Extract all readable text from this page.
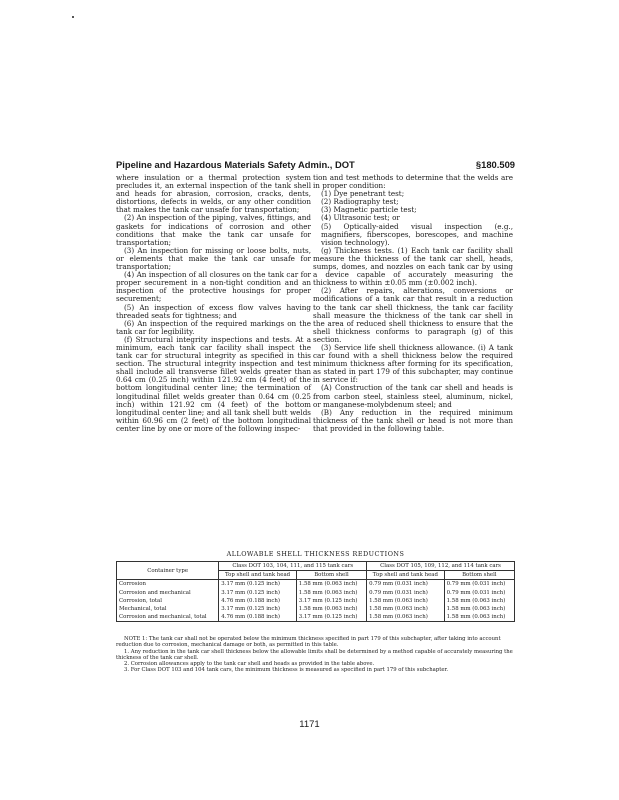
Pipeline and Hazardous Materials Safety Admin., DOT	§180.509

where insulation or a thermal protection system precludes it, an external inspection of the tank shell and heads for abrasion, corrosion, cracks, dents, distortions, defects in welds, or any other condition that makes the tank car unsafe for transportation;

(2) An inspection of the piping, valves, fittings, and gaskets for indications of corrosion and other conditions that make the tank car unsafe for transportation;

(3) An inspection for missing or loose bolts, nuts, or elements that make the tank car unsafe for transportation;

(4) An inspection of all closures on the tank car for proper securement in a non-tight condition and an inspection of the protective housings for proper securement;

(5) An inspection of excess flow valves having threaded seats for tightness; and

(6) An inspection of the required markings on the tank car for legibility.

(f) Structural integrity inspections and tests. At a minimum, each tank car facility shall inspect the tank car for structural integrity as specified in this section. The structural integrity inspection and test shall include all transverse fillet welds greater than 0.64 cm (0.25 inch) within 121.92 cm (4 feet) of the bottom longitudinal center line; the termination of longitudinal fillet welds greater than 0.64 cm (0.25 inch) within 121.92 cm (4 feet) of the bottom longitudinal center line; and all tank shell butt welds within 60.96 cm (2 feet) of the bottom longitudinal center line by one or more of the following inspec-

tion and test methods to determine that the welds are in proper condition:

(1) Dye penetrant test;

(2) Radiography test;

(3) Magnetic particle test;

(4) Ultrasonic test; or

(5) Optically-aided visual inspection (e.g., magnifiers, fiberscopes, borescopes, and machine vision technology).

(g) Thickness tests. (1) Each tank car facility shall measure the thickness of the tank car shell, heads, sumps, domes, and nozzles on each tank car by using a device capable of accurately measuring the thickness to within ±0.05 mm (±0.002 inch).

(2) After repairs, alterations, conversions or modifications of a tank car that result in a reduction to the tank car shell thickness, the tank car facility shall measure the thickness of the tank car shell in the area of reduced shell thickness to ensure that the shell thickness conforms to paragraph (g) of this section.

(3) Service life shell thickness allowance. (i) A tank car found with a shell thickness below the required minimum thickness after forming for its specification, as stated in part 179 of this subchapter, may continue in service if:

(A) Construction of the tank car shell and heads is from carbon steel, stainless steel, aluminum, nickel, or manganese-molybdenum steel; and

(B) Any reduction in the required minimum thickness of the tank shell or head is not more than that provided in the following table.

ALLOWABLE SHELL THICKNESS REDUCTIONS
Container type	Class DOT 103, 104, 111, and 115 tank cars		Class DOT 105, 109, 112, and 114 tank cars	
	Top shell and tank head	Bottom shell	Top shell and tank head	Bottom shell
Corrosion	3.17 mm (0.125 inch)	1.58 mm (0.063 inch)	0.79 mm (0.031 inch)	0.79 mm (0.031 inch)
Corrosion and mechanical	3.17 mm (0.125 inch)	1.58 mm (0.063 inch)	0.79 mm (0.031 inch)	0.79 mm (0.031 inch)
Corrosion, total	4.76 mm (0.188 inch)	3.17 mm (0.125 inch)	1.58 mm (0.063 inch)	1.58 mm (0.063 inch)
Mechanical, total	3.17 mm (0.125 inch)	1.58 mm (0.063 inch)	1.58 mm (0.063 inch)	1.58 mm (0.063 inch)
Corrosion and mechanical, total	4.76 mm (0.188 inch)	3.17 mm (0.125 inch)	1.58 mm (0.063 inch)	1.58 mm (0.063 inch)

NOTE 1: The tank car shall not be operated below the minimum thickness specified in part 179 of this subchapter, after taking into account reduction due to corrosion, mechanical damage or both, as permitted in this table.

1. Any reduction in the tank car shell thickness below the allowable limits shall be determined by a method capable of accurately measuring the thickness of the tank car shell.

2. Corrosion allowances apply to the tank car shell and heads as provided in the table above.

3. For Class DOT 103 and 104 tank cars, the minimum thickness is measured as specified in part 179 of this subchapter.

1171
